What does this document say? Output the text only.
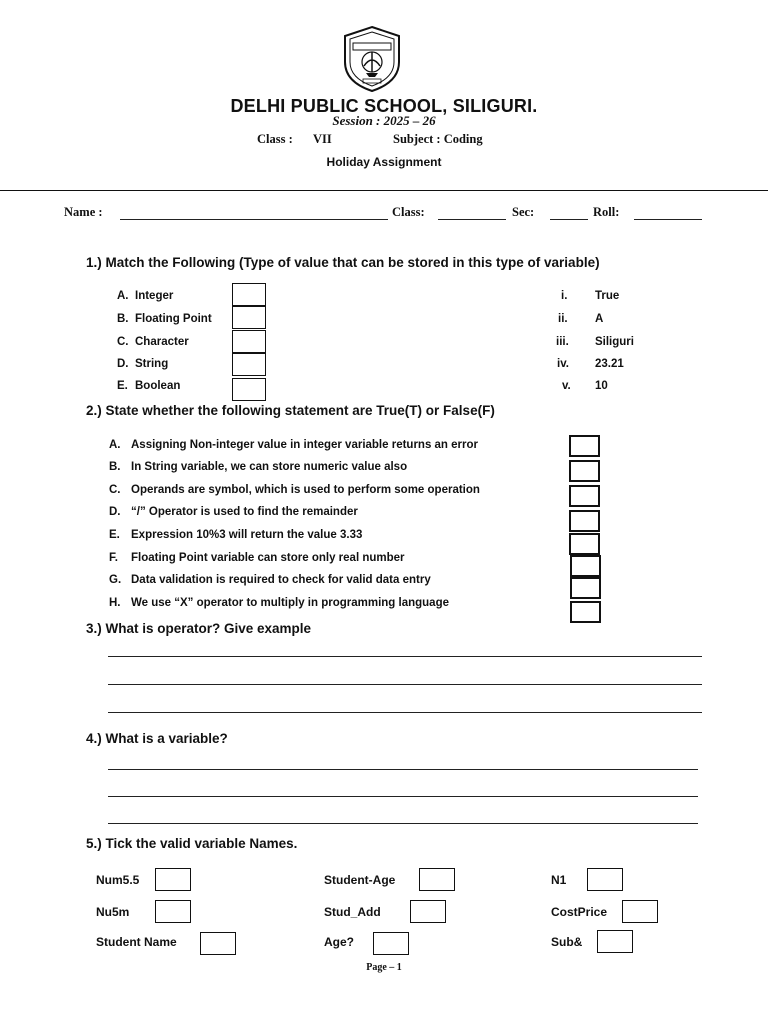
DELHI PUBLIC SCHOOL, SILIGURI.
Session : 2025 – 26
Class : VII	Subject : Coding
Holiday Assignment
Name :	Class:	Sec:	Roll:
1.) Match the Following (Type of value that can be stored in this type of variable)
A. Integer
B. Floating Point
C. Character
D. String
E. Boolean
i. True
ii. A
iii. Siliguri
iv. 23.21
v. 10
2.) State whether the following statement are True(T) or False(F)
A. Assigning Non-integer value in integer variable returns an error
B. In String variable, we can store numeric value also
C. Operands are symbol, which is used to perform some operation
D. “/” Operator is used to find the remainder
E. Expression 10%3 will return the value 3.33
F. Floating Point variable can store only real number
G. Data validation is required to check for valid data entry
H. We use “X” operator to multiply in programming language
3.) What is operator? Give example
4.) What is a variable?
5.) Tick the valid variable Names.
Num5.5	Student-Age	N1
Nu5m	Stud_Add	CostPrice
Student Name	Age?	Sub&
Page – 1
